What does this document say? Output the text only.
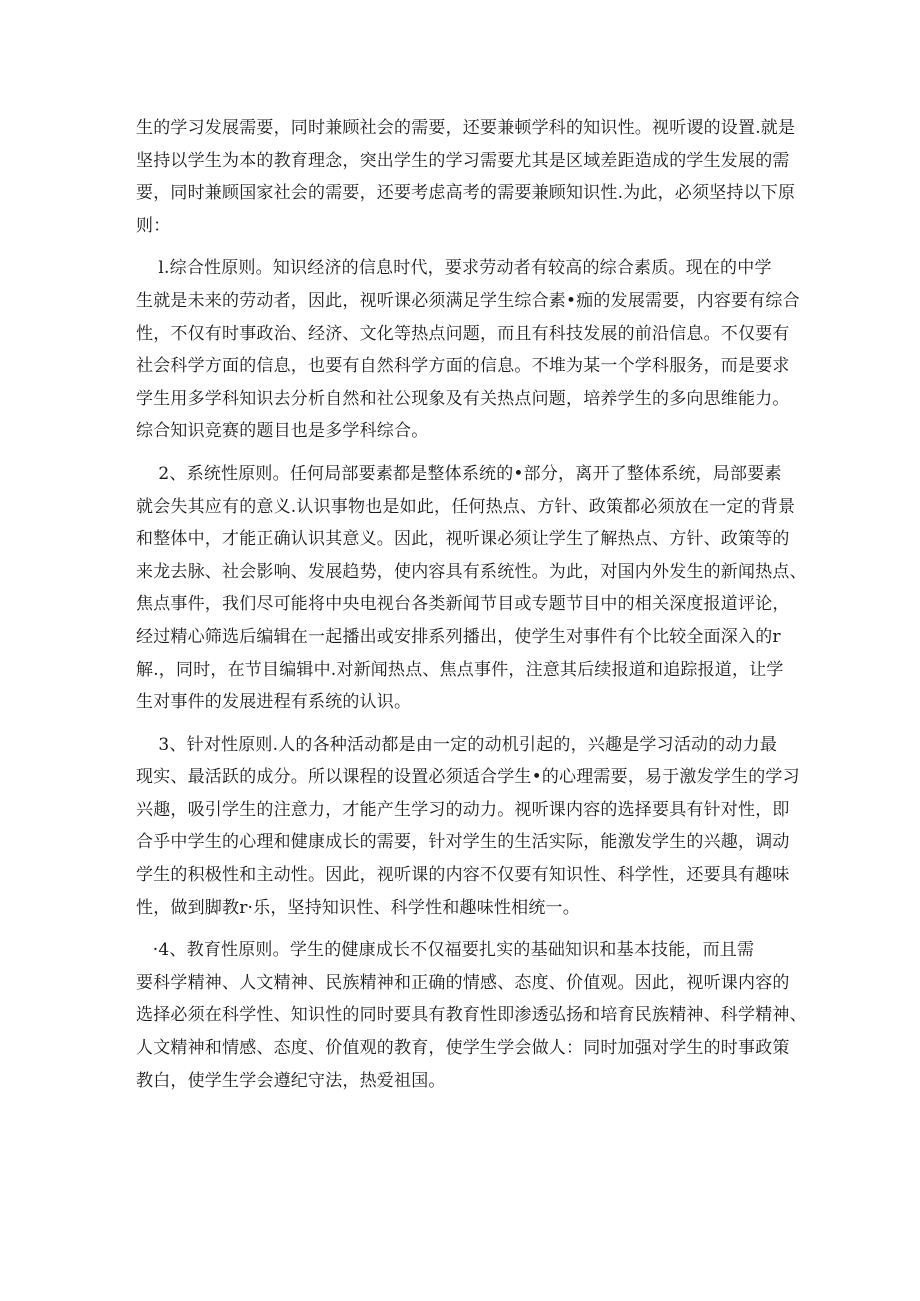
生的学习发展需要，同时兼顾社会的需要，还要兼顿学科的知识性。视听谡的设置.就是
坚持以学生为本的教育理念，突出学生的学习需要尤其是区域差距造成的学生发展的需
要，同时兼顾国家社会的需要，还要考虑高考的需要兼顾知识性.为此，必须坚持以下原
则：
l.综合性原则。知识经济的信息时代，要求劳动者有较高的综合素质。现在的中学
生就是未来的劳动者，因此，视听课必须满足学生综合素•痂的发展需要，内容要有综合
性，不仅有时事政治、经济、文化等热点问题，而且有科技发展的前沿信息。不仅要有
社会科学方面的信息，也要有自然科学方面的信息。不堆为某一个学科服务，而是要求
学生用多学科知识去分析自然和社公现象及有关热点问题，培养学生的多向思维能力。
综合知识竞赛的题目也是多学科综合。
2、系统性原则。任何局部要素都是整体系统的•部分，离开了整体系统，局部要素
就会失其应有的意义.认识事物也是如此，任何热点、方针、政策都必须放在一定的背景
和整体中，才能正确认识其意义。因此，视听课必须让学生了解热点、方针、政策等的
来龙去脉、社会影响、发展趋势，使内容具有系统性。为此，对国内外发生的新闻热点、
焦点事件，我们尽可能将中央电视台各类新闻节目或专题节目中的相关深度报道评论，
经过精心筛选后编辑在一起播出或安排系列播出，使学生对事件有个比较全面深入的r
解.，同时，在节目编辑中.对新闻热点、焦点事件，注意其后续报道和追踪报道，让学
生对事件的发展进程有系统的认识。
3、针对性原则.人的各种活动都是由一定的动机引起的，兴趣是学习活动的动力最
现实、最活跃的成分。所以课程的设置必须适合学生•的心理需要，易于激发学生的学习
兴趣，吸引学生的注意力，才能产生学习的动力。视听课内容的选择要具有针对性，即
合乎中学生的心理和健康成长的需要，针对学生的生活实际，能激发学生的兴趣，调动
学生的积极性和主动性。因此，视听课的内容不仅要有知识性、科学性，还要具有趣味
性，做到脚教r·乐，坚持知识性、科学性和趣味性相统一。
·4、教育性原则。学生的健康成长不仅福要扎实的基础知识和基本技能，而且需
要科学精神、人文精神、民族精神和正确的情感、态度、价值观。因此，视听课内容的
选择必须在科学性、知识性的同时要具有教育性即渗透弘扬和培育民族精神、科学精神、
人文精神和情感、态度、价值观的教育，使学生学会做人：同时加强对学生的时事政策
教白，使学生学会遵纪守法，热爱祖国。
